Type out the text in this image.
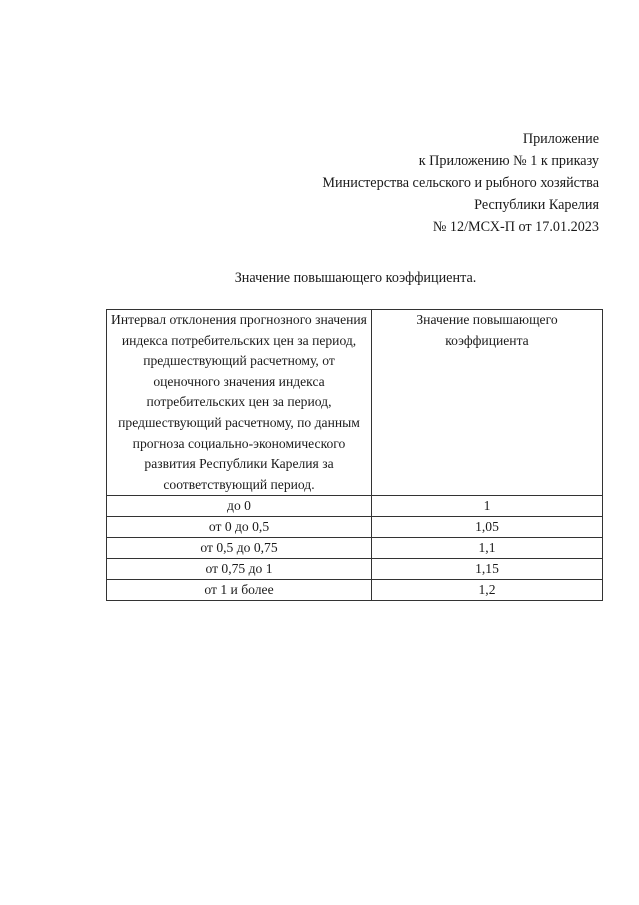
Приложение
к Приложению № 1 к приказу
Министерства сельского и рыбного хозяйства
Республики Карелия
№ 12/МСХ-П от 17.01.2023
Значение повышающего коэффициента.
Интервал отклонения прогнозного значения индекса потребительских цен за период, предшествующий расчетному, от оценочного значения индекса потребительских цен за период, предшествующий расчетному, по данным прогноза социально-экономического развития Республики Карелия за соответствующий период.	Значение повышающего коэффициента
до 0	1
от 0 до 0,5	1,05
от 0,5 до 0,75	1,1
от 0,75 до 1	1,15
от 1 и более	1,2
